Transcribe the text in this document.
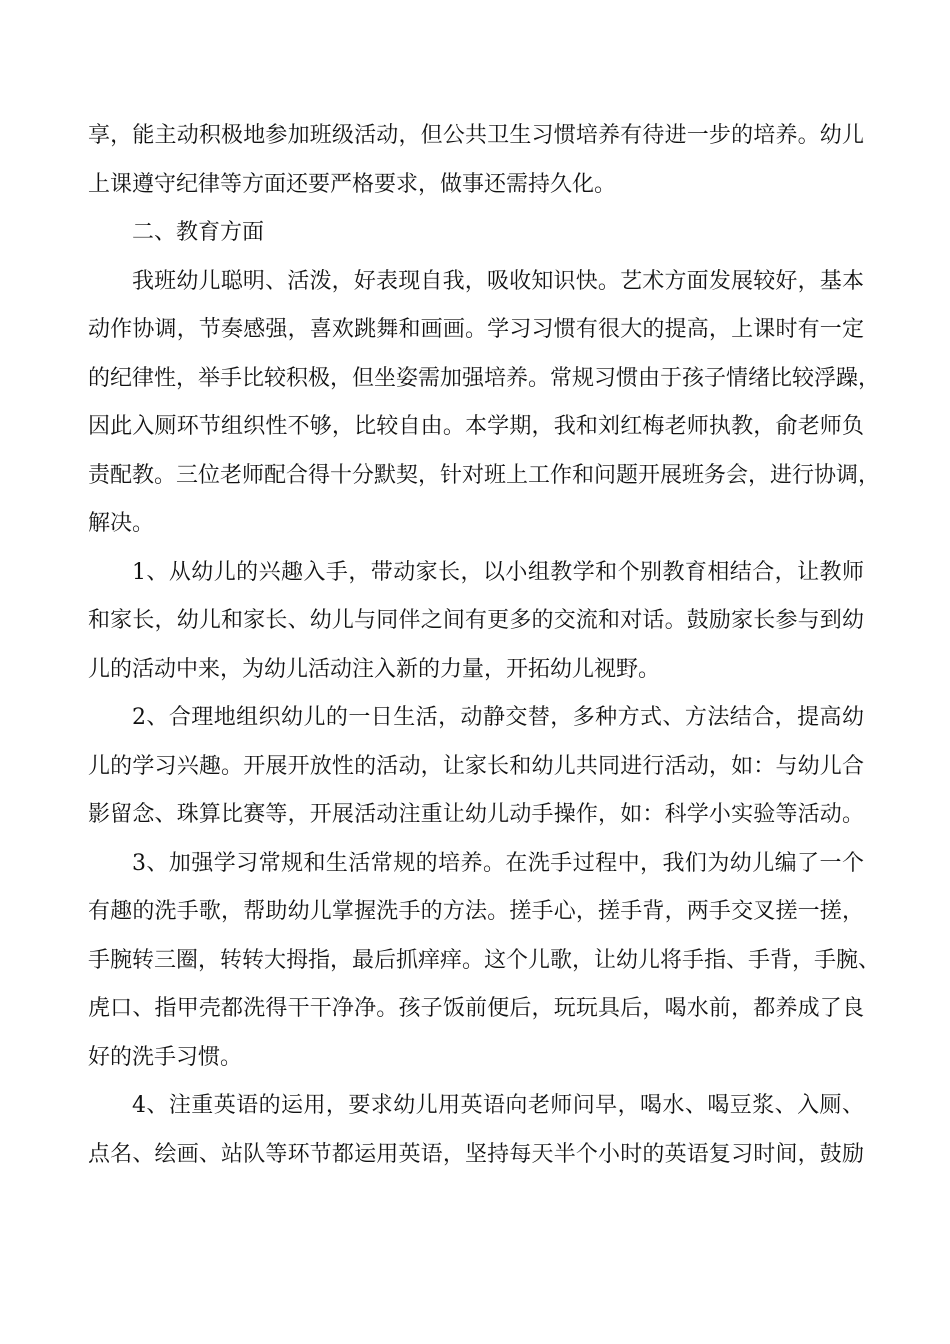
享，能主动积极地参加班级活动，但公共卫生习惯培养有待进一步的培养。幼儿
上课遵守纪律等方面还要严格要求，做事还需持久化。
二、教育方面
我班幼儿聪明、活泼，好表现自我，吸收知识快。艺术方面发展较好，基本
动作协调，节奏感强，喜欢跳舞和画画。学习习惯有很大的提高，上课时有一定
的纪律性，举手比较积极，但坐姿需加强培养。常规习惯由于孩子情绪比较浮躁，
因此入厕环节组织性不够，比较自由。本学期，我和刘红梅老师执教，俞老师负
责配教。三位老师配合得十分默契，针对班上工作和问题开展班务会，进行协调，
解决。
1、从幼儿的兴趣入手，带动家长，以小组教学和个别教育相结合，让教师
和家长，幼儿和家长、幼儿与同伴之间有更多的交流和对话。鼓励家长参与到幼
儿的活动中来，为幼儿活动注入新的力量，开拓幼儿视野。
2、合理地组织幼儿的一日生活，动静交替，多种方式、方法结合，提高幼
儿的学习兴趣。开展开放性的活动，让家长和幼儿共同进行活动，如：与幼儿合
影留念、珠算比赛等，开展活动注重让幼儿动手操作，如：科学小实验等活动。
3、加强学习常规和生活常规的培养。在洗手过程中，我们为幼儿编了一个
有趣的洗手歌，帮助幼儿掌握洗手的方法。搓手心，搓手背，两手交叉搓一搓，
手腕转三圈，转转大拇指，最后抓痒痒。这个儿歌，让幼儿将手指、手背，手腕、
虎口、指甲壳都洗得干干净净。孩子饭前便后，玩玩具后，喝水前，都养成了良
好的洗手习惯。
4、注重英语的运用，要求幼儿用英语向老师问早，喝水、喝豆浆、入厕、
点名、绘画、站队等环节都运用英语，坚持每天半个小时的英语复习时间，鼓励
